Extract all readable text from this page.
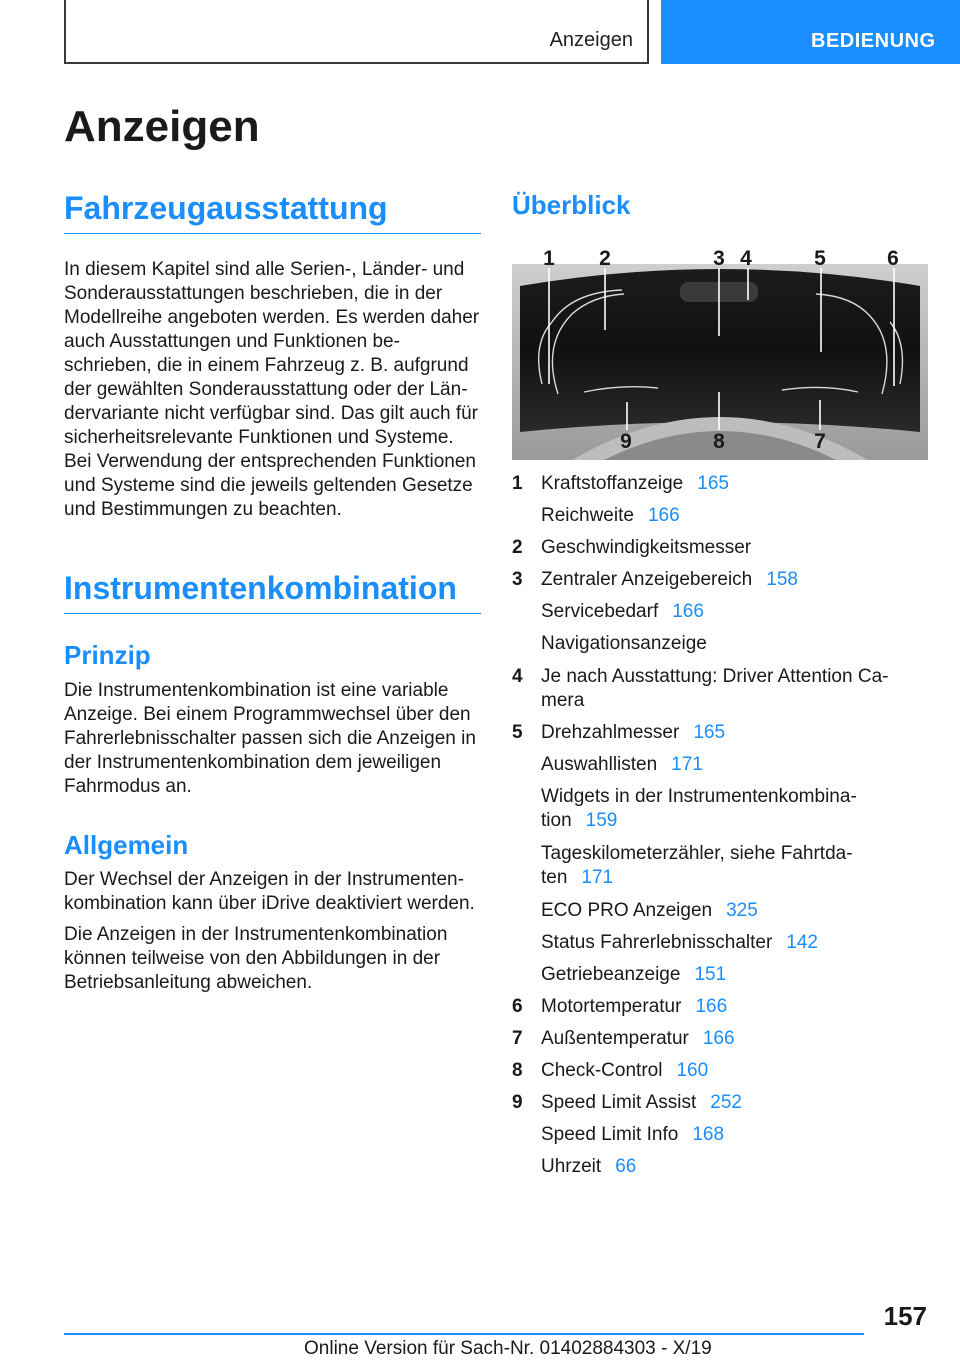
Anzeigen	BEDIENUNG
Anzeigen
Fahrzeugausstattung

In diesem Kapitel sind alle Serien-, Länder- und Sonderausstattungen beschrieben, die in der Modellreihe angeboten werden. Es werden daher auch Ausstattungen und Funktionen beschrieben, die in einem Fahrzeug z. B. aufgrund der gewählten Sonderausstattung oder der Ländervariante nicht verfügbar sind. Das gilt auch für sicherheitsrelevante Funktionen und Systeme. Bei Verwendung der entsprechenden Funktionen und Systeme sind die jeweils geltenden Gesetze und Bestimmungen zu beachten.

Instrumentenkombination
Prinzip

Die Instrumentenkombination ist eine variable Anzeige. Bei einem Programmwechsel über den Fahrerlebnisschalter passen sich die Anzeigen in der Instrumentenkombination dem jeweiligen Fahrmodus an.

Allgemein

Der Wechsel der Anzeigen in der Instrumentenkombination kann über iDrive deaktiviert werden.

Die Anzeigen in der Instrumentenkombination können teilweise von den Abbildungen in der Betriebsanleitung abweichen.

Überblick
1 2	3 4	5	6
9	8	7
1 Kraftstoffanzeige 165
Reichweite 166
2 Geschwindigkeitsmesser
3 Zentraler Anzeigebereich 158
Servicebedarf 166
Navigationsanzeige
4 Je nach Ausstattung: Driver Attention Camera
5 Drehzahlmesser 165
Auswahllisten 171
Widgets in der Instrumentenkombination 159
Tageskilometerzähler, siehe Fahrtdaten 171
ECO PRO Anzeigen 325
Status Fahrerlebnisschalter 142
Getriebeanzeige 151
6 Motortemperatur 166
7 Außentemperatur 166
8 Check-Control 160
9 Speed Limit Assist 252
Speed Limit Info 168
Uhrzeit 66
157
Online Version für Sach-Nr. 01402884303 - X/19
